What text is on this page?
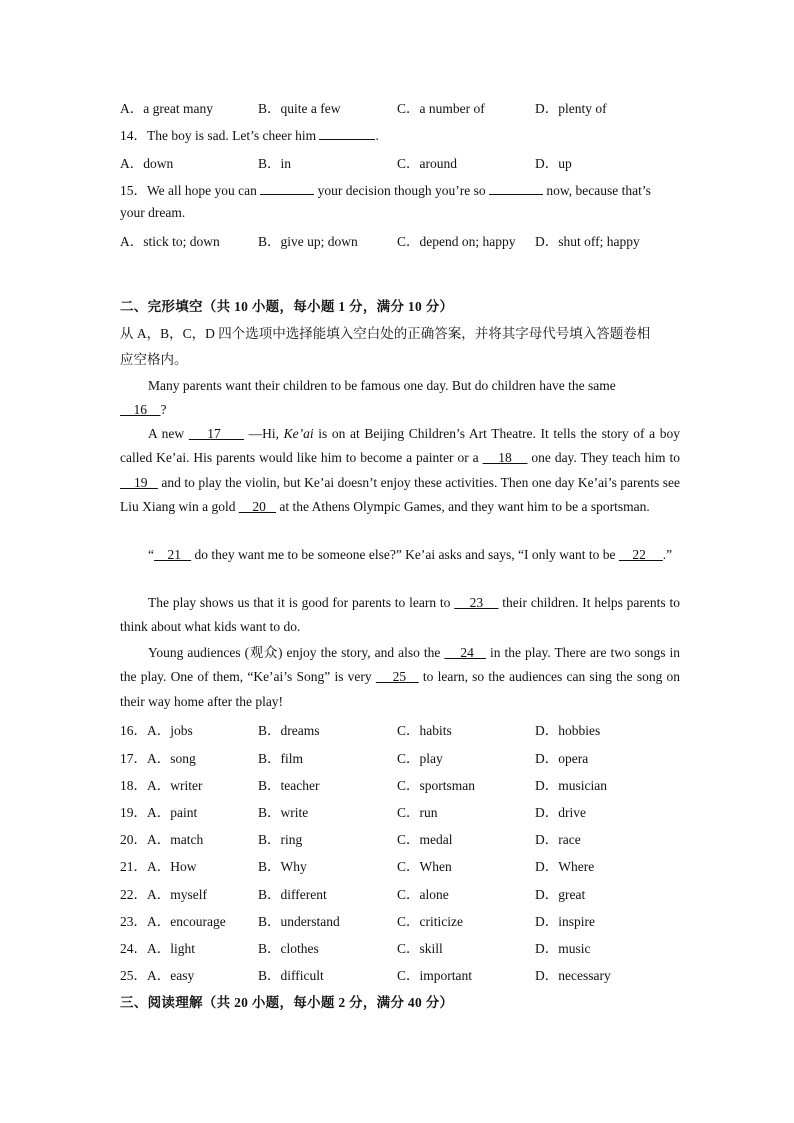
A．a great many	B．quite a few	C．a number of	D．plenty of
14．The boy is sad. Let’s cheer him	.
A．down	B．in	C．around	D．up
15．We all hope you can	your decision though you’re so	now, because that’s
your dream.
A．stick to; down	B．give up; down	C．depend on; happy D．shut off; happy
二、完形填空（共 10 小题，每小题 1 分，满分 10 分）
从 A，B，C，D 四个选项中选择能填入空白处的正确答案，并将其字母代号填入答题卷相
应空格内。
Many parents want their children to be famous one day. But do children have the same
16    ?
A new     17      —Hi, Ke’ai is on at Beijing Children’s Art Theatre. It tells the story of a boy called Ke’ai. His parents would like him to become a painter or a     18     one day. They teach him to     19    and to play the violin, but Ke’ai doesn’t enjoy these activities. Then one day Ke’ai’s parents see Liu Xiang win a gold     20    at the Athens Olympic Games, and they want him to be a sportsman.
“    21    do they want me to be someone else?” Ke’ai asks and says, “I only want to be     22     .”
The play shows us that it is good for parents to learn to     23     their children. It helps parents to think about what kids want to do.
Young audiences (观众) enjoy the story, and also the     24    in the play. There are two songs in the play. One of them, “Ke’ai’s Song” is very     25    to learn, so the audiences can sing the song on their way home after the play!
16．A．jobs	B．dreams	C．habits	D．hobbies
17．A．song	B．film	C．play	D．opera
18．A．writer	B．teacher	C．sportsman	D．musician
19．A．paint	B．write	C．run	D．drive
20．A．match	B．ring	C．medal	D．race
21．A．How	B．Why	C．When	D．Where
22．A．myself	B．different	C．alone	D．great
23．A．encourage B．understand	C．criticize	D．inspire
24．A．light	B．clothes	C．skill	D．music
25．A．easy	B．difficult	C．important	D．necessary
三、阅读理解（共 20 小题，每小题 2 分，满分 40 分）
